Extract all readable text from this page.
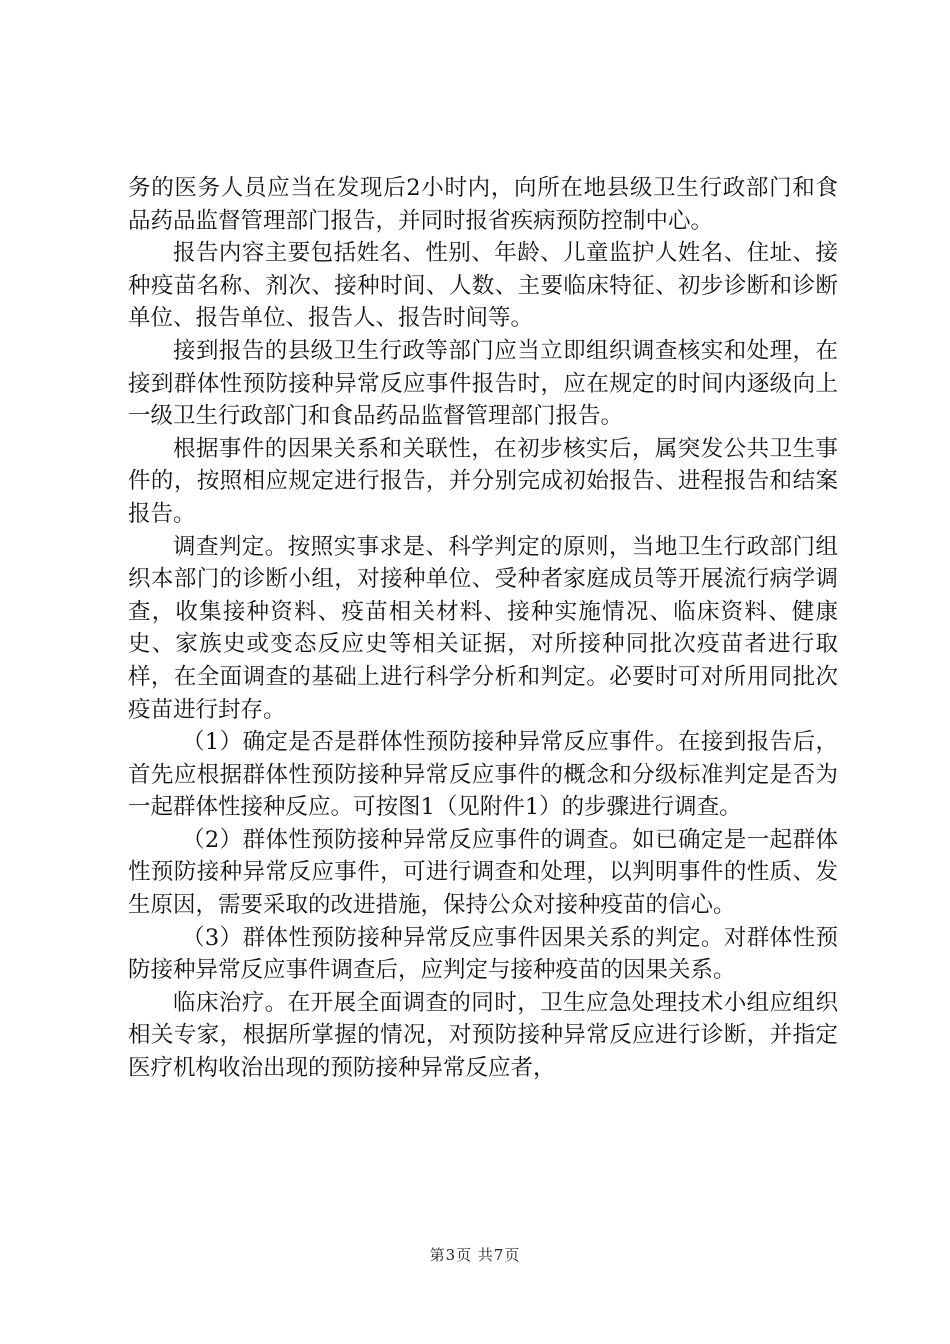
务的医务人员应当在发现后2小时内，向所在地县级卫生行政部门和食品药品监督管理部门报告，并同时报省疾病预防控制中心。

报告内容主要包括姓名、性别、年龄、儿童监护人姓名、住址、接种疫苗名称、剂次、接种时间、人数、主要临床特征、初步诊断和诊断单位、报告单位、报告人、报告时间等。

接到报告的县级卫生行政等部门应当立即组织调查核实和处理，在接到群体性预防接种异常反应事件报告时，应在规定的时间内逐级向上一级卫生行政部门和食品药品监督管理部门报告。

根据事件的因果关系和关联性，在初步核实后，属突发公共卫生事件的，按照相应规定进行报告，并分别完成初始报告、进程报告和结案报告。

调查判定。按照实事求是、科学判定的原则，当地卫生行政部门组织本部门的诊断小组，对接种单位、受种者家庭成员等开展流行病学调查，收集接种资料、疫苗相关材料、接种实施情况、临床资料、健康史、家族史或变态反应史等相关证据，对所接种同批次疫苗者进行取样，在全面调查的基础上进行科学分析和判定。必要时可对所用同批次疫苗进行封存。

（1）确定是否是群体性预防接种异常反应事件。在接到报告后，首先应根据群体性预防接种异常反应事件的概念和分级标准判定是否为一起群体性接种反应。可按图1（见附件1）的步骤进行调查。

（2）群体性预防接种异常反应事件的调查。如已确定是一起群体性预防接种异常反应事件，可进行调查和处理，以判明事件的性质、发生原因，需要采取的改进措施，保持公众对接种疫苗的信心。

（3）群体性预防接种异常反应事件因果关系的判定。对群体性预防接种异常反应事件调查后，应判定与接种疫苗的因果关系。

临床治疗。在开展全面调查的同时，卫生应急处理技术小组应组织相关专家，根据所掌握的情况，对预防接种异常反应进行诊断，并指定医疗机构收治出现的预防接种异常反应者，

第3页 共7页
